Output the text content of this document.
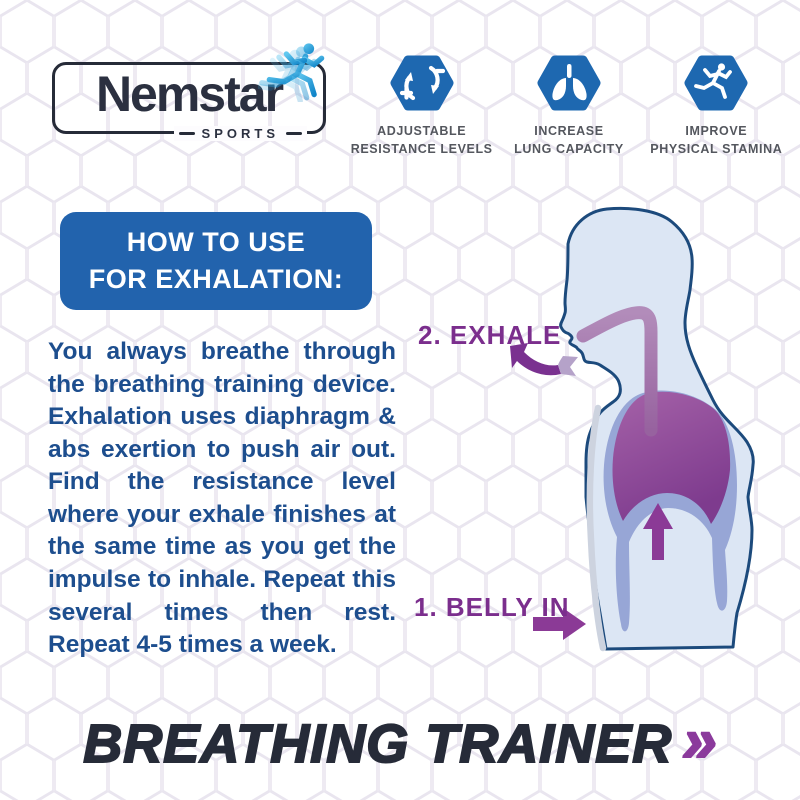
Nemstar
SPORTS	ADJUSTABLE
RESISTANCE LEVELS
INCREASE
LUNG CAPACITY
IMPROVE
PHYSICAL STAMINA
HOW TO USE
FOR EXHALATION:
You always breathe through the breathing training device. Exhalation uses diaphragm & abs exertion to push air out. Find the resistance level where your exhale finishes at the same time as you get the impulse to inhale. Repeat this several times then rest. Repeat 4-5 times a week.
2. EXHALE
1. BELLY IN
BREATHING TRAINER »
